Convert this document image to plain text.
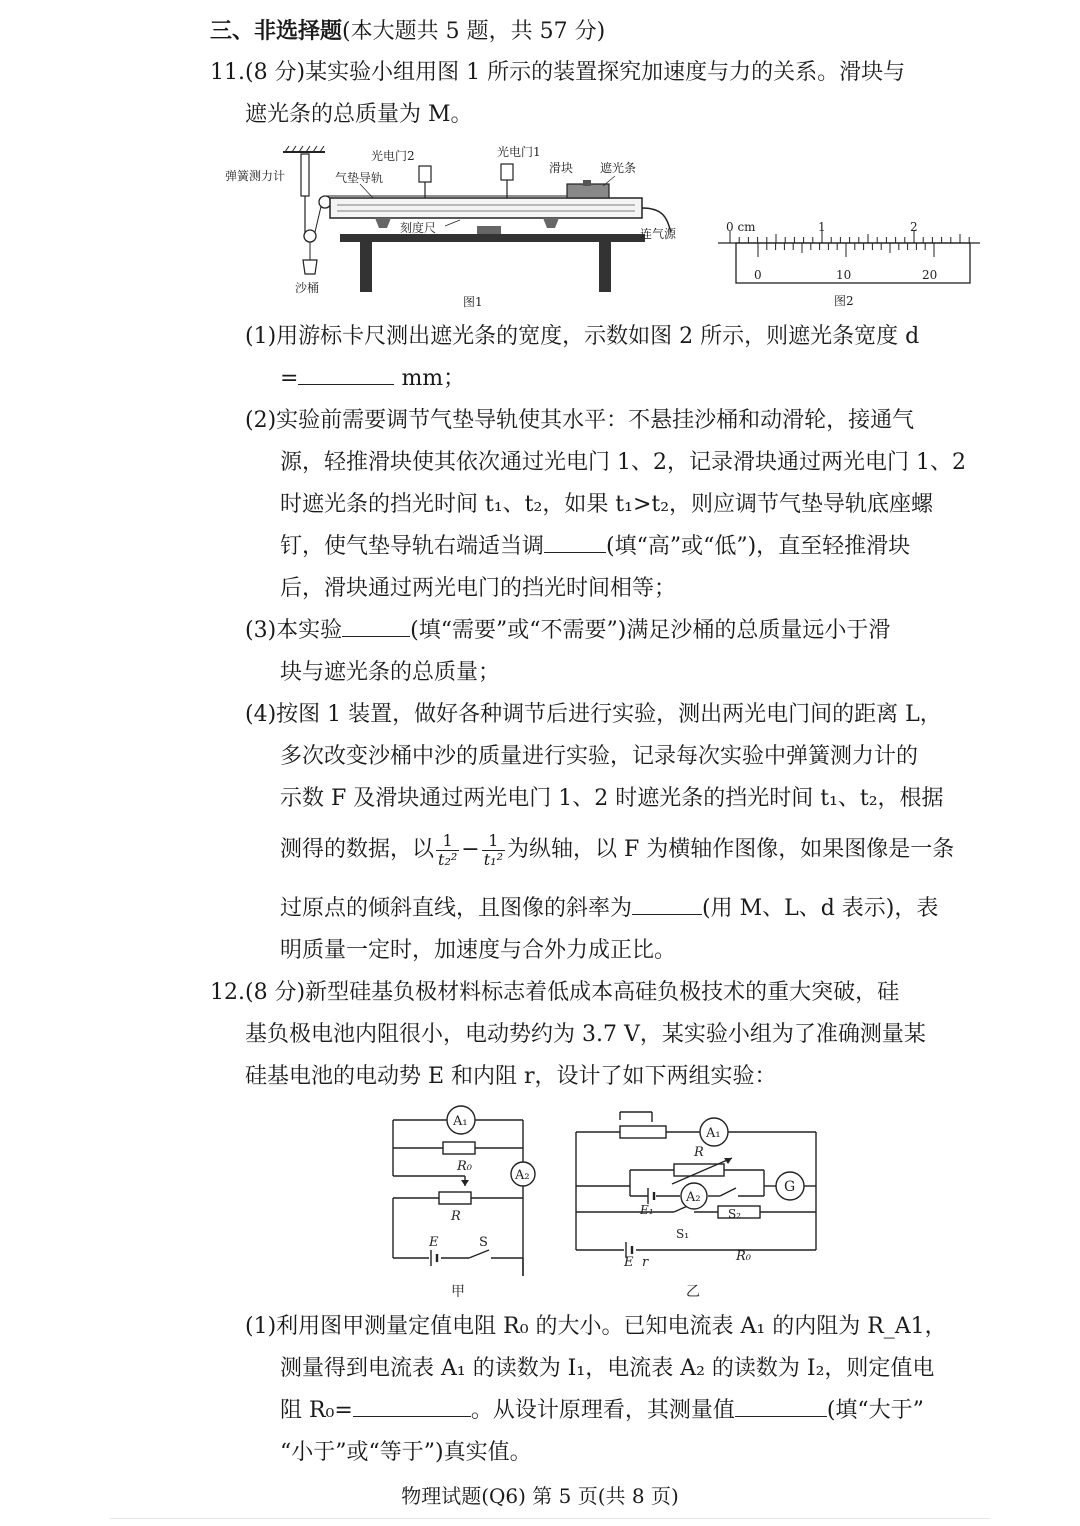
三、非选择题(本大题共 5 题，共 57 分)
11.(8 分)某实验小组用图 1 所示的装置探究加速度与力的关系。滑块与
遮光条的总质量为 M。
弹簧测力计	气垫导轨
光电门2	光电门1
滑块 遮光条
刻度尺	连气源
沙桶
图1
0 cm	1	2
0	10	20
图2
(1)用游标卡尺测出遮光条的宽度，示数如图 2 所示，则遮光条宽度 d
=	mm；
(2)实验前需要调节气垫导轨使其水平：不悬挂沙桶和动滑轮，接通气
源，轻推滑块使其依次通过光电门 1、2，记录滑块通过两光电门 1、2
时遮光条的挡光时间 t₁、t₂，如果 t₁>t₂，则应调节气垫导轨底座螺
钉，使气垫导轨右端适当调	(填“高”或“低”)，直至轻推滑块
后，滑块通过两光电门的挡光时间相等；
(3)本实验	(填“需要”或“不需要”)满足沙桶的总质量远小于滑
块与遮光条的总质量；
(4)按图 1 装置，做好各种调节后进行实验，测出两光电门间的距离 L，
多次改变沙桶中沙的质量进行实验，记录每次实验中弹簧测力计的
示数 F 及滑块通过两光电门 1、2 时遮光条的挡光时间 t₁、t₂，根据
测得的数据，以 $\frac{1}{\text{t₂²}} - \frac{1}{\text{t₁²}}$ 为纵轴，以 F 为横轴作图像，如果图像是一条
过原点的倾斜直线，且图像的斜率为	(用 M、L、d 表示)，表
明质量一定时，加速度与合外力成正比。
12.(8 分)新型硅基负极材料标志着低成本高硅负极技术的重大突破，硅
基负极电池内阻很小，电动势约为 3.7 V，某实验小组为了准确测量某
硅基电池的电动势 E 和内阻 r，设计了如下两组实验：
A₁
A₂
R₀
R
E	S
甲
A₁
A₂
R
G
E₁	S₂
S₁
E r	R₀
乙
(1)利用图甲测量定值电阻 R₀ 的大小。已知电流表 A₁ 的内阻为 R_A1，
测量得到电流表 A₁ 的读数为 I₁，电流表 A₂ 的读数为 I₂，则定值电
阻 R₀=	。从设计原理看，其测量值	(填“大于”
“小于”或“等于”)真实值。
物理试题(Q6) 第 5 页(共 8 页)
